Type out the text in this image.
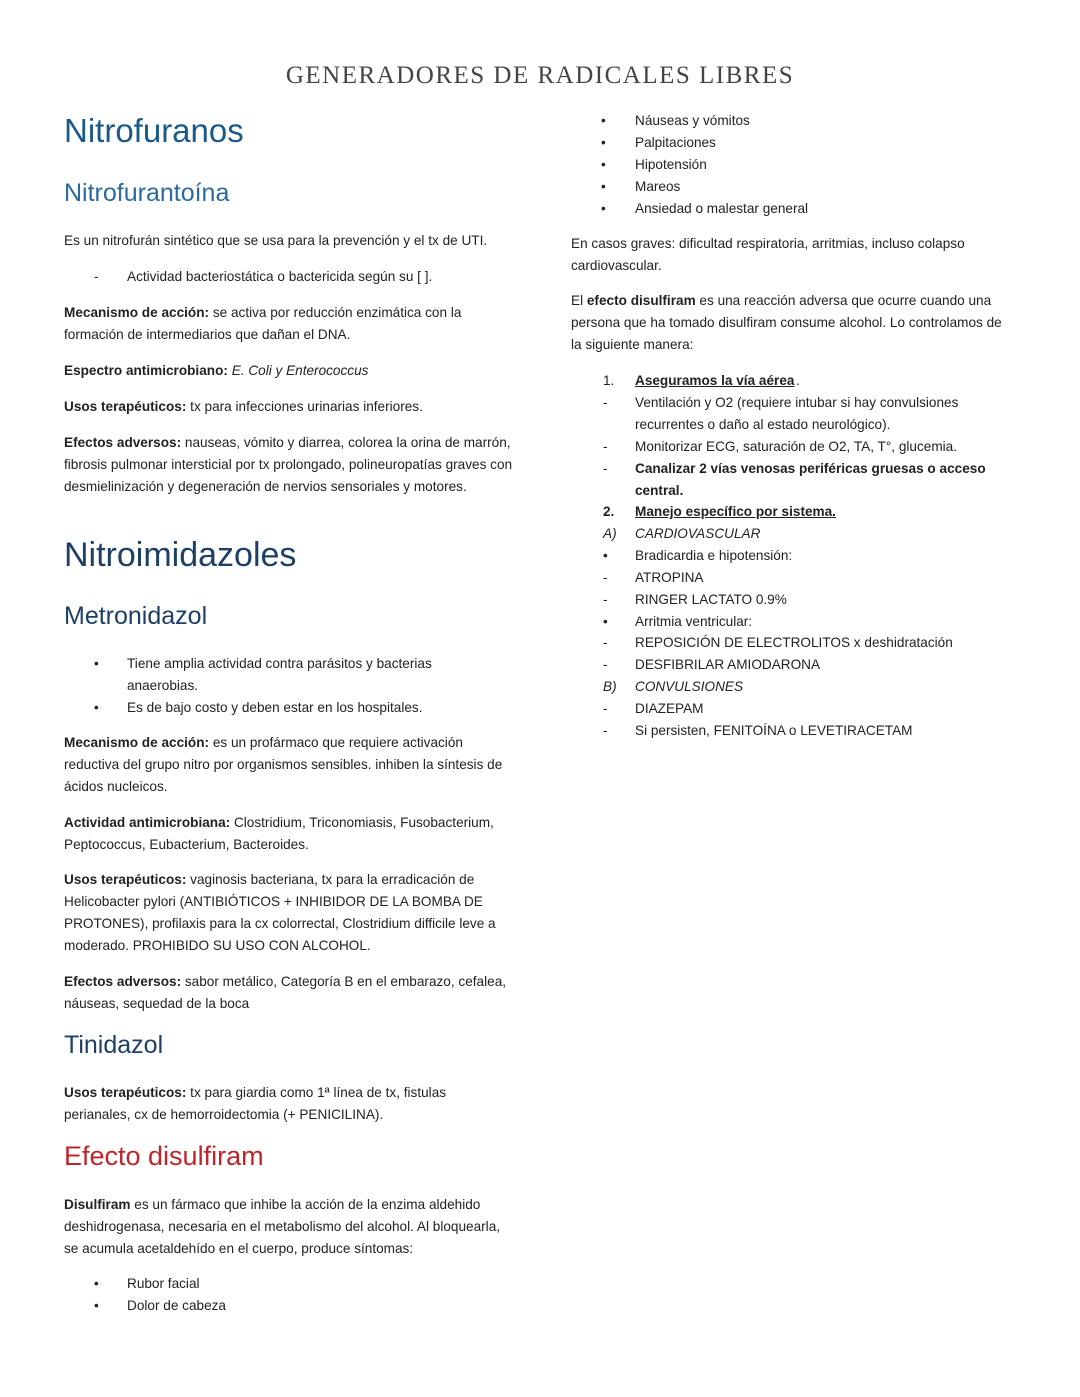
GENERADORES DE RADICALES LIBRES
Nitrofuranos
Nitrofurantoína

Es un nitrofurán sintético que se usa para la prevención y el tx de UTI.

-	Actividad bacteriostática o bactericida según su [ ].

Mecanismo de acción: se activa por reducción enzimática con la formación de intermediarios que dañan el DNA.

Espectro antimicrobiano: E. Coli y Enterococcus

Usos terapéuticos: tx para infecciones urinarias inferiores.

Efectos adversos: nauseas, vómito y diarrea, colorea la orina de marrón, fibrosis pulmonar intersticial por tx prolongado, polineuropatías graves con desmielinización y degeneración de nervios sensoriales y motores.

Nitroimidazoles
Metronidazol
•	Tiene amplia actividad contra parásitos y bacterias anaerobias.
•	Es de bajo costo y deben estar en los hospitales.

Mecanismo de acción: es un profármaco que requiere activación reductiva del grupo nitro por organismos sensibles. inhiben la síntesis de ácidos nucleicos.

Actividad antimicrobiana: Clostridium, Triconomiasis, Fusobacterium, Peptococcus, Eubacterium, Bacteroides.

Usos terapéuticos: vaginosis bacteriana, tx para la erradicación de Helicobacter pylori (ANTIBIÓTICOS + INHIBIDOR DE LA BOMBA DE PROTONES), profilaxis para la cx colorrectal, Clostridium difficile leve a moderado. PROHIBIDO SU USO CON ALCOHOL.

Efectos adversos: sabor metálico, Categoría B en el embarazo, cefalea, náuseas, sequedad de la boca

Tinidazol

Usos terapéuticos: tx para giardia como 1ª línea de tx, fistulas perianales, cx de hemorroidectomia (+ PENICILINA).

Efecto disulfiram

Disulfiram es un fármaco que inhibe la acción de la enzima aldehido deshidrogenasa, necesaria en el metabolismo del alcohol. Al bloquearla, se acumula acetaldehído en el cuerpo, produce síntomas:

•	Rubor facial
•	Dolor de cabeza
•	Náuseas y vómitos
•	Palpitaciones
•	Hipotensión
•	Mareos
•	Ansiedad o malestar general

En casos graves: dificultad respiratoria, arritmias, incluso colapso cardiovascular.

El efecto disulfiram es una reacción adversa que ocurre cuando una persona que ha tomado disulfiram consume alcohol. Lo controlamos de la siguiente manera:

1.	Aseguramos la vía aérea .
-	Ventilación y O2 (requiere intubar si hay convulsiones recurrentes o daño al estado neurológico).
-	Monitorizar ECG, saturación de O2, TA, T°, glucemia.
-	Canalizar 2 vías venosas periféricas gruesas o acceso central.
2.	Manejo específico por sistema.
A)	CARDIOVASCULAR
•	Bradicardia e hipotensión:
-	ATROPINA
-	RINGER LACTATO 0.9%
•	Arritmia ventricular:
-	REPOSICIÓN DE ELECTROLITOS x deshidratación
-	DESFIBRILAR AMIODARONA
B)	CONVULSIONES
-	DIAZEPAM
-	Si persisten, FENITOÍNA o LEVETIRACETAM
